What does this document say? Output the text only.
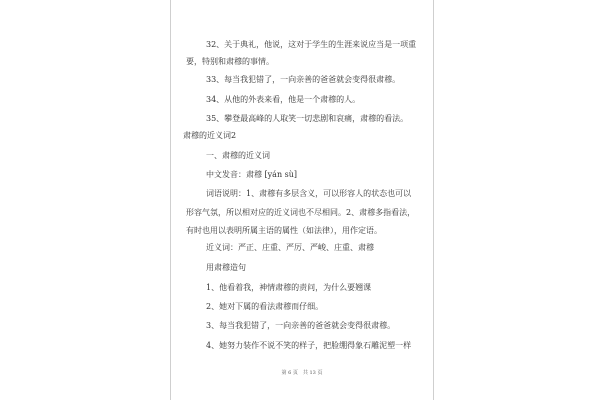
32、关于典礼，他说，这对于学生的生涯来说应当是一项重
要，特别和肃穆的事情。
33、每当我犯错了，一向亲善的爸爸就会变得很肃穆。
34、从他的外表来看，他是一个肃穆的人。
35、攀登最高峰的人取笑一切悲剧和哀痛，肃穆的看法。
肃穆的近义词2
一、肃穆的近义词
中文发音：肃穆 [yán sù]
词语说明：1、肃穆有多层含义，可以形容人的状态也可以
形容气氛，所以相对应的近义词也不尽相同。2、肃穆多指看法，
有时也用以表明所属主语的属性（如法律），用作定语。
近义词：严正、庄重、严厉、严峻、庄重、肃穆
用肃穆造句
1、他看着我，神情肃穆的责问，为什么要翘课
2、她对下属的看法肃穆而仔细。
3、每当我犯错了，一向亲善的爸爸就会变得很肃穆。
4、她努力装作不说不笑的样子，把脸绷得象石雕泥塑一样
第 6 页　共 13 页
